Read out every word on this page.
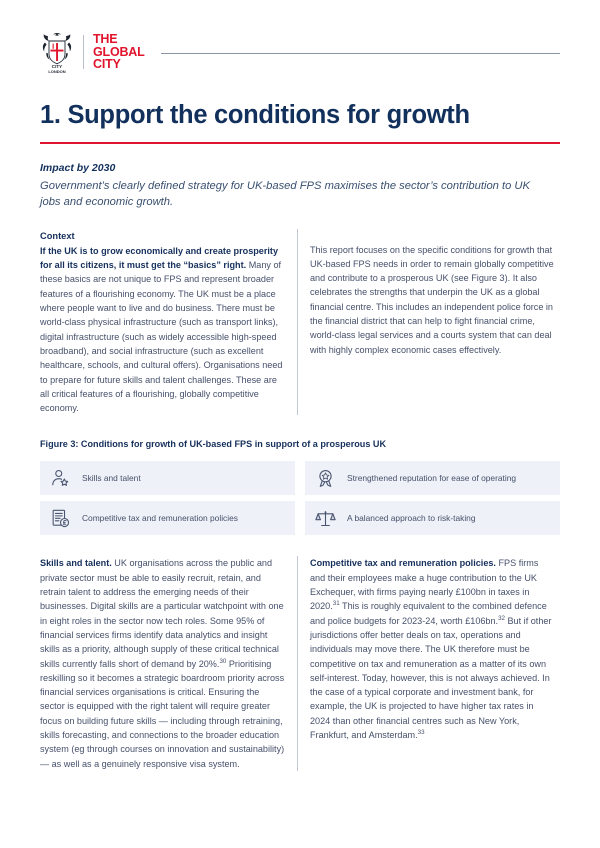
CITY
LONDON
THE
GLOBAL
CITY
1. Support the conditions for growth
Impact by 2030
Government’s clearly defined strategy for UK-based FPS maximises the sector’s contribution to UK jobs and economic growth.
Context

If the UK is to grow economically and create prosperity for all its citizens, it must get the “basics” right. Many of these basics are not unique to FPS and represent broader features of a flourishing economy. The UK must be a place where people want to live and do business. There must be world-class physical infrastructure (such as transport links), digital infrastructure (such as widely accessible high-speed broadband), and social infrastructure (such as excellent healthcare, schools, and cultural offers). Organisations need to prepare for future skills and talent challenges. These are all critical features of a flourishing, globally competitive economy.

This report focuses on the specific conditions for growth that UK-based FPS needs in order to remain globally competitive and contribute to a prosperous UK (see Figure 3). It also celebrates the strengths that underpin the UK as a global financial centre. This includes an independent police force in the financial district that can help to fight financial crime, world-class legal services and a courts system that can deal with highly complex economic cases effectively.

Figure 3: Conditions for growth of UK-based FPS in support of a prosperous UK
Skills and talent
Competitive tax and remuneration policies
Strengthened reputation for ease of operating
A balanced approach to risk-taking

Skills and talent. UK organisations across the public and private sector must be able to easily recruit, retain, and retrain talent to address the emerging needs of their businesses. Digital skills are a particular watchpoint with one in eight roles in the sector now tech roles. Some 95% of financial services firms identify data analytics and insight skills as a priority, although supply of these critical technical skills currently falls short of demand by 20%.$^{30}$ Prioritising reskilling so it becomes a strategic boardroom priority across financial services organisations is critical. Ensuring the sector is equipped with the right talent will require greater focus on building future skills — including through retraining, skills forecasting, and connections to the broader education system (eg through courses on innovation and sustainability) — as well as a genuinely responsive visa system.

Competitive tax and remuneration policies. FPS firms and their employees make a huge contribution to the UK Exchequer, with firms paying nearly £100bn in taxes in 2020.31 This is roughly equivalent to the combined defence and police budgets for 2023-24, worth £106bn.$^{32}$ But if other jurisdictions offer better deals on tax, operations and individuals may move there. The UK therefore must be competitive on tax and remuneration as a matter of its own self-interest. Today, however, this is not always achieved. In the case of a typical corporate and investment bank, for example, the UK is projected to have higher tax rates in 2024 than other financial centres such as New York, Frankfurt, and Amsterdam.$^{33}$
